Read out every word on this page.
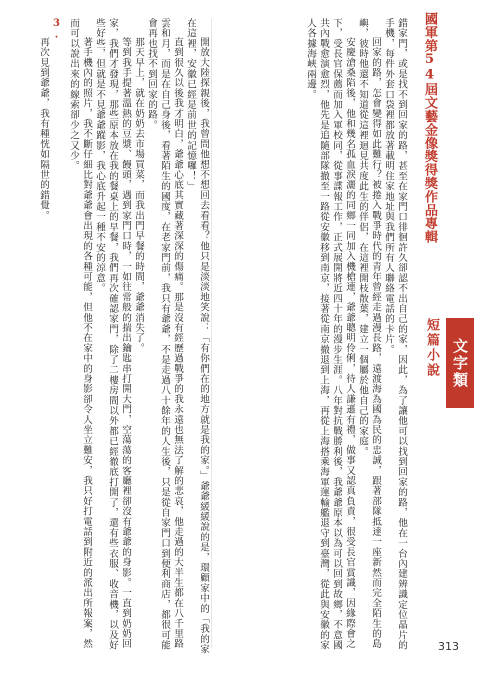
國軍第54屆文藝金像獎得獎作品專輯
文字類
短篇小說
313

錯家門，或是找不到回家的路，甚至在家門口徘徊許久卻認不出自己的家，因此，為了讓他可以找到回家的路，他在一台內建辨識定位晶片的手機，每件外套口袋裡都放著載明住家地址與我們所有人聯絡電話的卡片。

回家的路，怎會變得如此難行？被捲入戰爭時代的青年曾經走過漫長路，遠渡海為國為民的忠誠，跟著部隊抵達一座新然而完全陌生的島嶼，彼時他還不知道從這裡迴見共度此生的伴侶，在這裡開枝散葉，建立一個屬於他自己的家庭。

安慶滄桑陷後，他和幾名孤血淚灑的同鄉一同加入機槍連，爺爺聰明伶俐，待人謙遜有禮，做事又認真負責，很受長官賞識，因緣際會之下，受長官保薦而加入軍校同，從事諜報工作，正式展開將近四十年的漫步生涯。八年對抗戰勝利後，我爺爺原本以為可以回到故鄉，不意國共內戰愈演愈烈，他先是追隨部隊撤至一路從安徽移到南京，接著從南京撤退到上海，再從上海搭乘海軍運輸艦退守到臺灣，從此與安徽的家人各據海峽兩邊。

開放大陸探親後，我曾問他想不想回去看看？他只是淡淡地笑說：「有你們在的地方就是我的家。」爺爺緩緩說的是，環顧家中的「我的家在這裡，安徽已經是前世的記憶囉！」

直到很久以後我才明白，爺爺心底其實藏著深深的傷痛。那是沒有經歷過戰爭的我永遠也無法了解的悲哀，他走過的大半生都在八千里路雲和月，而是在自己身後，看著陌生的國度，在老家門前，我只有爺爺，不是走過八十餘年的人生後，只是從自家門口到便利商店，都很可能會再也找不到回家的路。

那天早上，就在奶奶去市場買菜，而我出門早餐的時間，爺爺消失了。

等到我手提著溫熱的豆漿、饅頭，遇到家門口時，一如往常般的揣出鑰匙串打開大門，空蕩蕩的客廳裡卻沒有爺爺的身影。一直到奶奶回家，我們才發現，那些原本放在我的餐桌上的早餐，我們再次確認家門，除了二樓房間以外都已經徹底打開了，還有些衣服、收音機，以及好些好些，但就是不見爺爺蹤影，我心底升起一種不安的涼意。

著手機內的照片，我不斷仔細比對爺爺會出現的各種可能，但他不在家中的身影卻令人坐立難安，我只好打電話到附近的派出所報案，然而可以說出來的線索卻少之又少。

3.

再次見到爺爺，我有種恍如隔世的錯覺。
